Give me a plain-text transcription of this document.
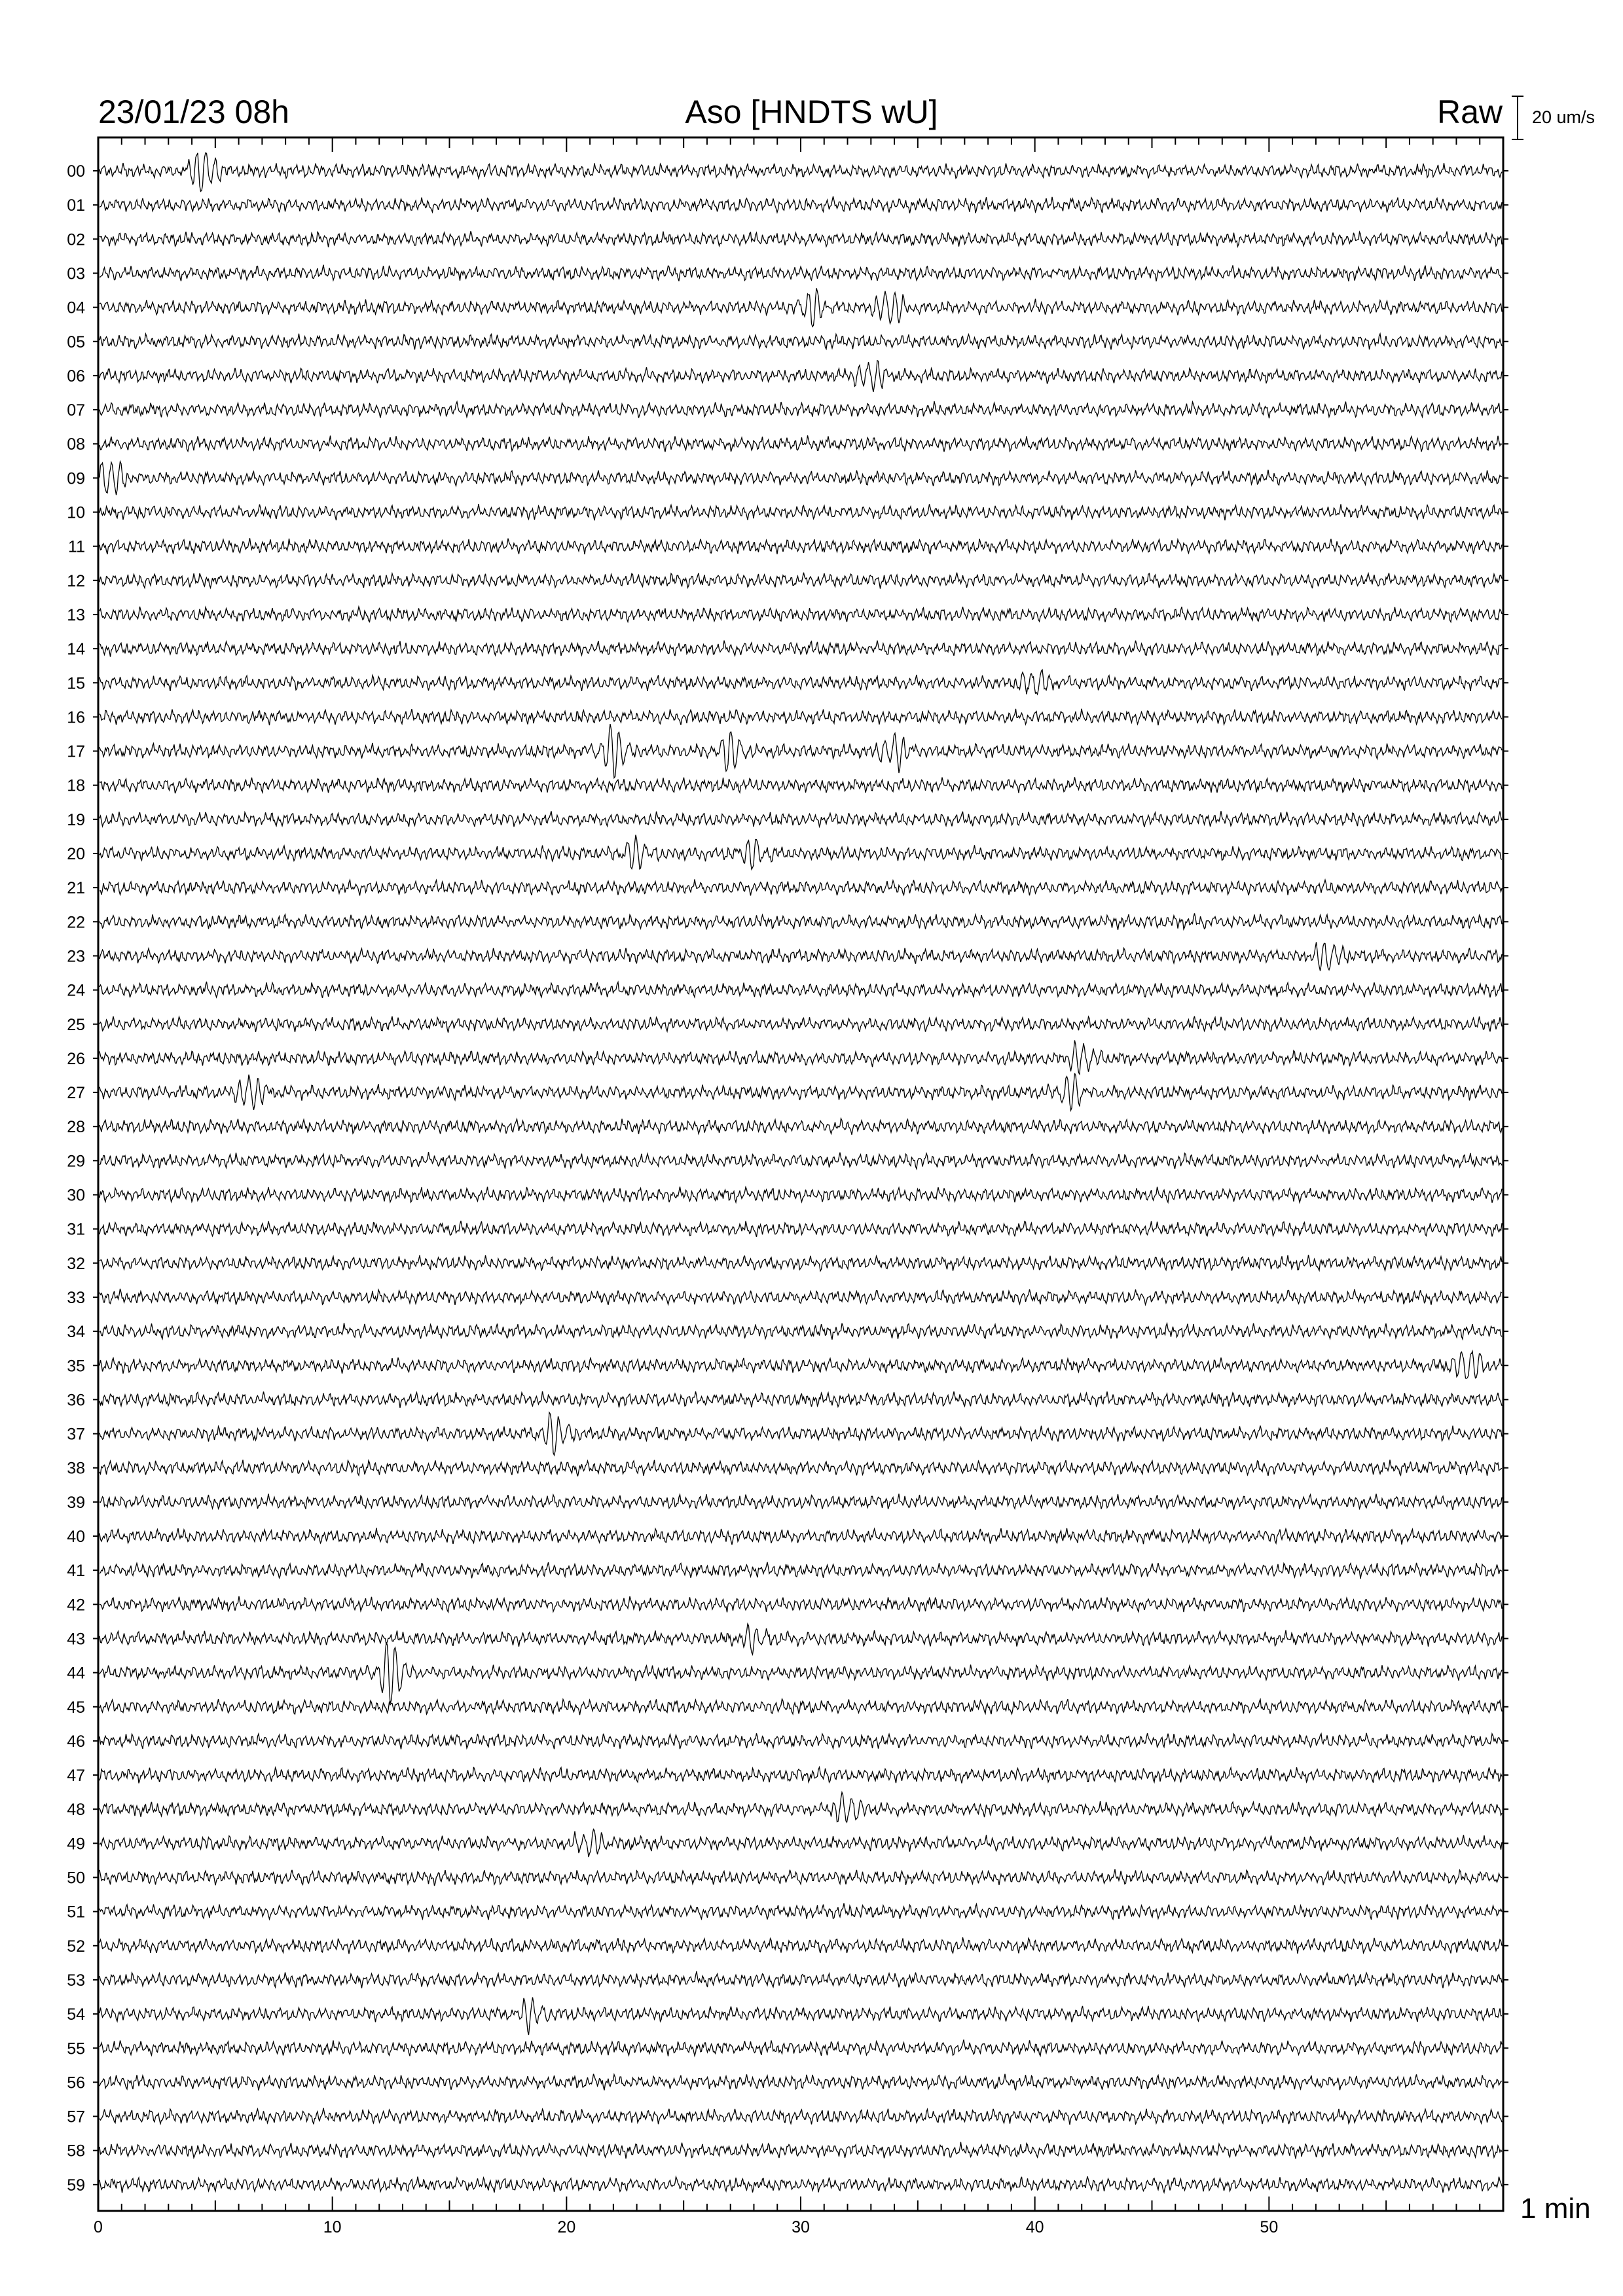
23/01/23 08h	Aso [HNDTS wU]	Raw 20 um/s
1 min
00
01
02
03
04
05
06
07
08
09
10
11
12
13
14
15
16
17
18
19
20
21
22
23
24
25
26
27
28
29
30
31
32
33
34
35
36
37
38
39
40
41
42
43
44
45
46
47
48
49
50
51
52
53
54
55
56
57
58
59
0	10	20	30	40	50
